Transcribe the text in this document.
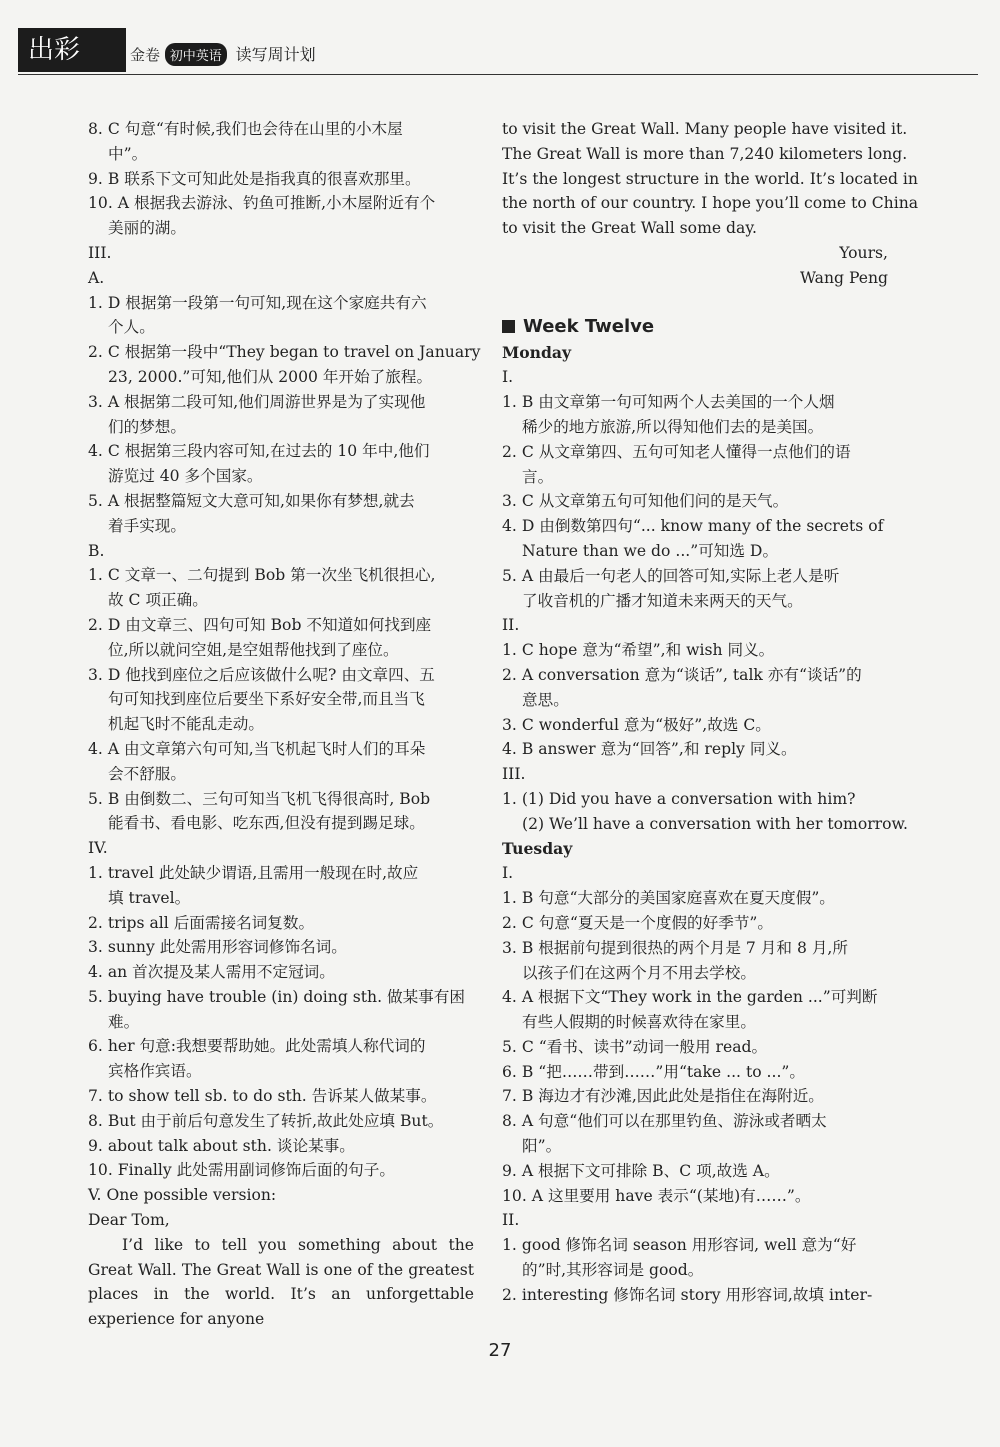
出彩	金卷 初中英语 读写周计划
8. C 句意“有时候,我们也会待在山里的小木屋
中”。
9. B 联系下文可知此处是指我真的很喜欢那里。
10. A 根据我去游泳、钓鱼可推断,小木屋附近有个
美丽的湖。
III.
A.
1. D 根据第一段第一句可知,现在这个家庭共有六
个人。
2. C 根据第一段中“They began to travel on January
23, 2000.”可知,他们从 2000 年开始了旅程。
3. A 根据第二段可知,他们周游世界是为了实现他
们的梦想。
4. C 根据第三段内容可知,在过去的 10 年中,他们
游览过 40 多个国家。
5. A 根据整篇短文大意可知,如果你有梦想,就去
着手实现。
B.
1. C 文章一、二句提到 Bob 第一次坐飞机很担心,
故 C 项正确。
2. D 由文章三、四句可知 Bob 不知道如何找到座
位,所以就问空姐,是空姐帮他找到了座位。
3. D 他找到座位之后应该做什么呢? 由文章四、五
句可知找到座位后要坐下系好安全带,而且当飞
机起飞时不能乱走动。
4. A 由文章第六句可知,当飞机起飞时人们的耳朵
会不舒服。
5. B 由倒数二、三句可知当飞机飞得很高时, Bob
能看书、看电影、吃东西,但没有提到踢足球。
IV.
1. travel 此处缺少谓语,且需用一般现在时,故应
填 travel。
2. trips all 后面需接名词复数。
3. sunny 此处需用形容词修饰名词。
4. an 首次提及某人需用不定冠词。
5. buying have trouble (in) doing sth. 做某事有困
难。
6. her 句意:我想要帮助她。此处需填人称代词的
宾格作宾语。
7. to show tell sb. to do sth. 告诉某人做某事。
8. But 由于前后句意发生了转折,故此处应填 But。
9. about talk about sth. 谈论某事。
10. Finally 此处需用副词修饰后面的句子。
V. One possible version:
Dear Tom,
I’d like to tell you something about the Great Wall. The Great Wall is one of the greatest places in the world. It’s an unforgettable experience for anyone
to visit the Great Wall. Many people have visited it.
The Great Wall is more than 7,240 kilometers long.
It’s the longest structure in the world. It’s located in
the north of our country. I hope you’ll come to China
to visit the Great Wall some day.
Yours,
Wang Peng
Week Twelve
Monday
I.
1. B 由文章第一句可知两个人去美国的一个人烟
稀少的地方旅游,所以得知他们去的是美国。
2. C 从文章第四、五句可知老人懂得一点他们的语
言。
3. C 从文章第五句可知他们问的是天气。
4. D 由倒数第四句“... know many of the secrets of
Nature than we do ...”可知选 D。
5. A 由最后一句老人的回答可知,实际上老人是听
了收音机的广播才知道未来两天的天气。
II.
1. C hope 意为“希望”,和 wish 同义。
2. A conversation 意为“谈话”, talk 亦有“谈话”的
意思。
3. C wonderful 意为“极好”,故选 C。
4. B answer 意为“回答”,和 reply 同义。
III.
1. (1) Did you have a conversation with him?
(2) We’ll have a conversation with her tomorrow.
Tuesday
I.
1. B 句意“大部分的美国家庭喜欢在夏天度假”。
2. C 句意“夏天是一个度假的好季节”。
3. B 根据前句提到很热的两个月是 7 月和 8 月,所
以孩子们在这两个月不用去学校。
4. A 根据下文“They work in the garden ...”可判断
有些人假期的时候喜欢待在家里。
5. C “看书、读书”动词一般用 read。
6. B “把……带到……”用“take ... to ...”。
7. B 海边才有沙滩,因此此处是指住在海附近。
8. A 句意“他们可以在那里钓鱼、游泳或者晒太
阳”。
9. A 根据下文可排除 B、C 项,故选 A。
10. A 这里要用 have 表示“(某地)有……”。
II.
1. good 修饰名词 season 用形容词, well 意为“好
的”时,其形容词是 good。
2. interesting 修饰名词 story 用形容词,故填 inter-
27
